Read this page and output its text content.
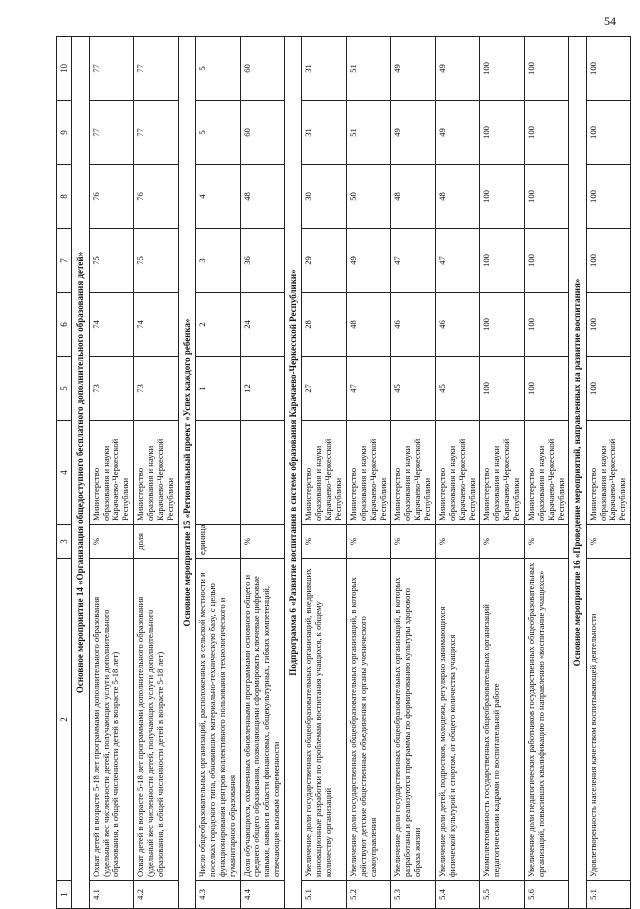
54
1	2	3	4	5	6	7	8	9	10
Основное мероприятие 14 «Организация общедоступного бесплатного дополнительного образования детей»									
4.1	Охват детей в возрасте 5-18 лет программами дополнительного образования (удельный вес численности детей, получающих услуги дополнительного образования, в общей численности детей в возрасте 5-18 лет)	%	Министерство образования и науки Карачаево-Черкесской Республики	73	74	75	76	77	77
4.2	Охват детей в возрасте 5-18 лет программами дополнительного образования (удельный вес численности детей, получающих услуги дополнительного образования, в общей численности детей в возрасте 5-18 лет)	доля	Министерство образования и науки Карачаево-Черкесской Республики	73	74	75	76	77	77
Основное мероприятие 15 «Региональный проект «Успех каждого ребенка»									
4.3	Число общеобразовательных организаций, расположенных в сельской местности и поселках городского типа, обновивших материально-техническую базу, с целью функционирования центров коллективного пользования технологического и гуманитарного образования	единица		1	2	3	4	5	5
4.4	Доля обучающихся, охваченных обновленными программами основного общего и среднего общего образования, позволяющими сформировать ключевые цифровые навыки, навыки в области финансовых, общекультурных, гибких компетенций, отвечающие вызовам современности	%		12	24	36	48	60	60
Подпрограмма 6 «Развитие воспитания в системе образования Карачаево-Черкесской Республики»									
5.1	Увеличение доли государственных общеобразовательных организаций, внедривших инновационные разработки по проблемам воспитания учащихся, к общему количеству организаций	%	Министерство образования и науки Карачаево-Черкесской Республики	27	28	29	30	31	31
5.2	Увеличение доли государственных общеобразовательных организаций, в которых действуют детские общественные объединения и органы ученического самоуправления	%	Министерство образования и науки Карачаево-Черкесской Республики	47	48	49	50	51	51
5.3	Увеличение доли государственных общеобразовательных организаций, в которых разработаны и реализуются программы по формированию культуры здорового образа жизни	%	Министерство образования и науки Карачаево-Черкесской Республики	45	46	47	48	49	49
5.4	Увеличение доли детей, подростков, молодежи, регулярно занимающихся физической культурой и спортом, от общего количества учащихся	%	Министерство образования и науки Карачаево-Черкесской Республики	45	46	47	48	49	49
5.5	Укомплектованность государственных общеобразовательных организаций педагогическими кадрами по воспитательной работе	%	Министерство образования и науки Карачаево-Черкесской Республики	100	100	100	100	100	100
5.6	Увеличение доли педагогических работников государственных общеобразовательных организаций, повысивших квалификацию по направлению «воспитание учащихся»	%	Министерство образования и науки Карачаево-Черкесской Республики	100	100	100	100	100	100
Основное мероприятие 16 «Проведение мероприятий, направленных на развитие воспитания»									
5.1	Удовлетворенность населения качеством воспитывающей деятельности	%	Министерство образования и науки Карачаево-Черкесской Республики	100	100	100	100	100	100
